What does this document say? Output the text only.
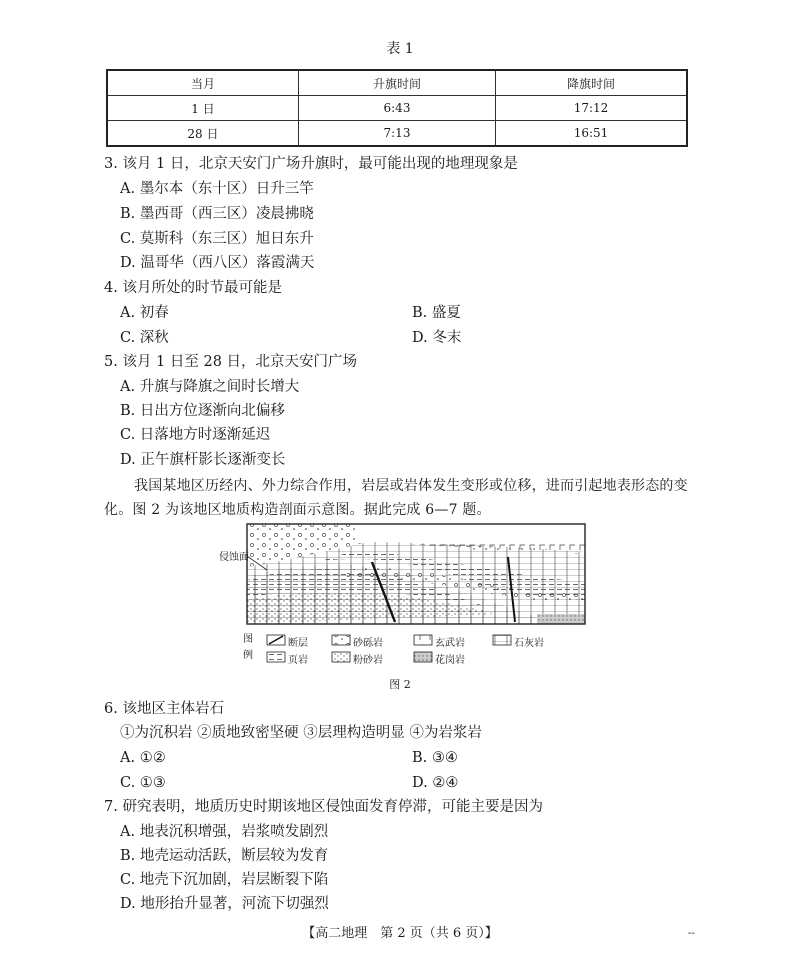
表 1
当月	升旗时间	降旗时间
1 日	6:43	17:12
28 日	7:13	16:51
3. 该月 1 日，北京天安门广场升旗时，最可能出现的地理现象是
A. 墨尔本（东十区）日升三竿
B. 墨西哥（西三区）凌晨拂晓
C. 莫斯科（东三区）旭日东升
D. 温哥华（西八区）落霞满天
4. 该月所处的时节最可能是
A. 初春	B. 盛夏
C. 深秋	D. 冬末
5. 该月 1 日至 28 日，北京天安门广场
A. 升旗与降旗之间时长增大
B. 日出方位逐渐向北偏移
C. 日落地方时逐渐延迟
D. 正午旗杆影长逐渐变长
我国某地区历经内、外力综合作用，岩层或岩体发生变形或位移，进而引起地表形态的变
化。图 2 为该地区地质构造剖面示意图。据此完成 6—7 题。
侵蚀面
图例
断层	砂砾岩	玄武岩	石灰岩
页岩	粉砂岩	花岗岩
图 2
6. 该地区主体岩石
①为沉积岩 ②质地致密坚硬 ③层理构造明显 ④为岩浆岩
A. ①②	B. ③④
C. ①③	D. ②④
7. 研究表明，地质历史时期该地区侵蚀面发育停滞，可能主要是因为
A. 地表沉积增强，岩浆喷发剧烈
B. 地壳运动活跃，断层较为发育
C. 地壳下沉加剧，岩层断裂下陷
D. 地形抬升显著，河流下切强烈
【高二地理　第 2 页（共 6 页）】	--
